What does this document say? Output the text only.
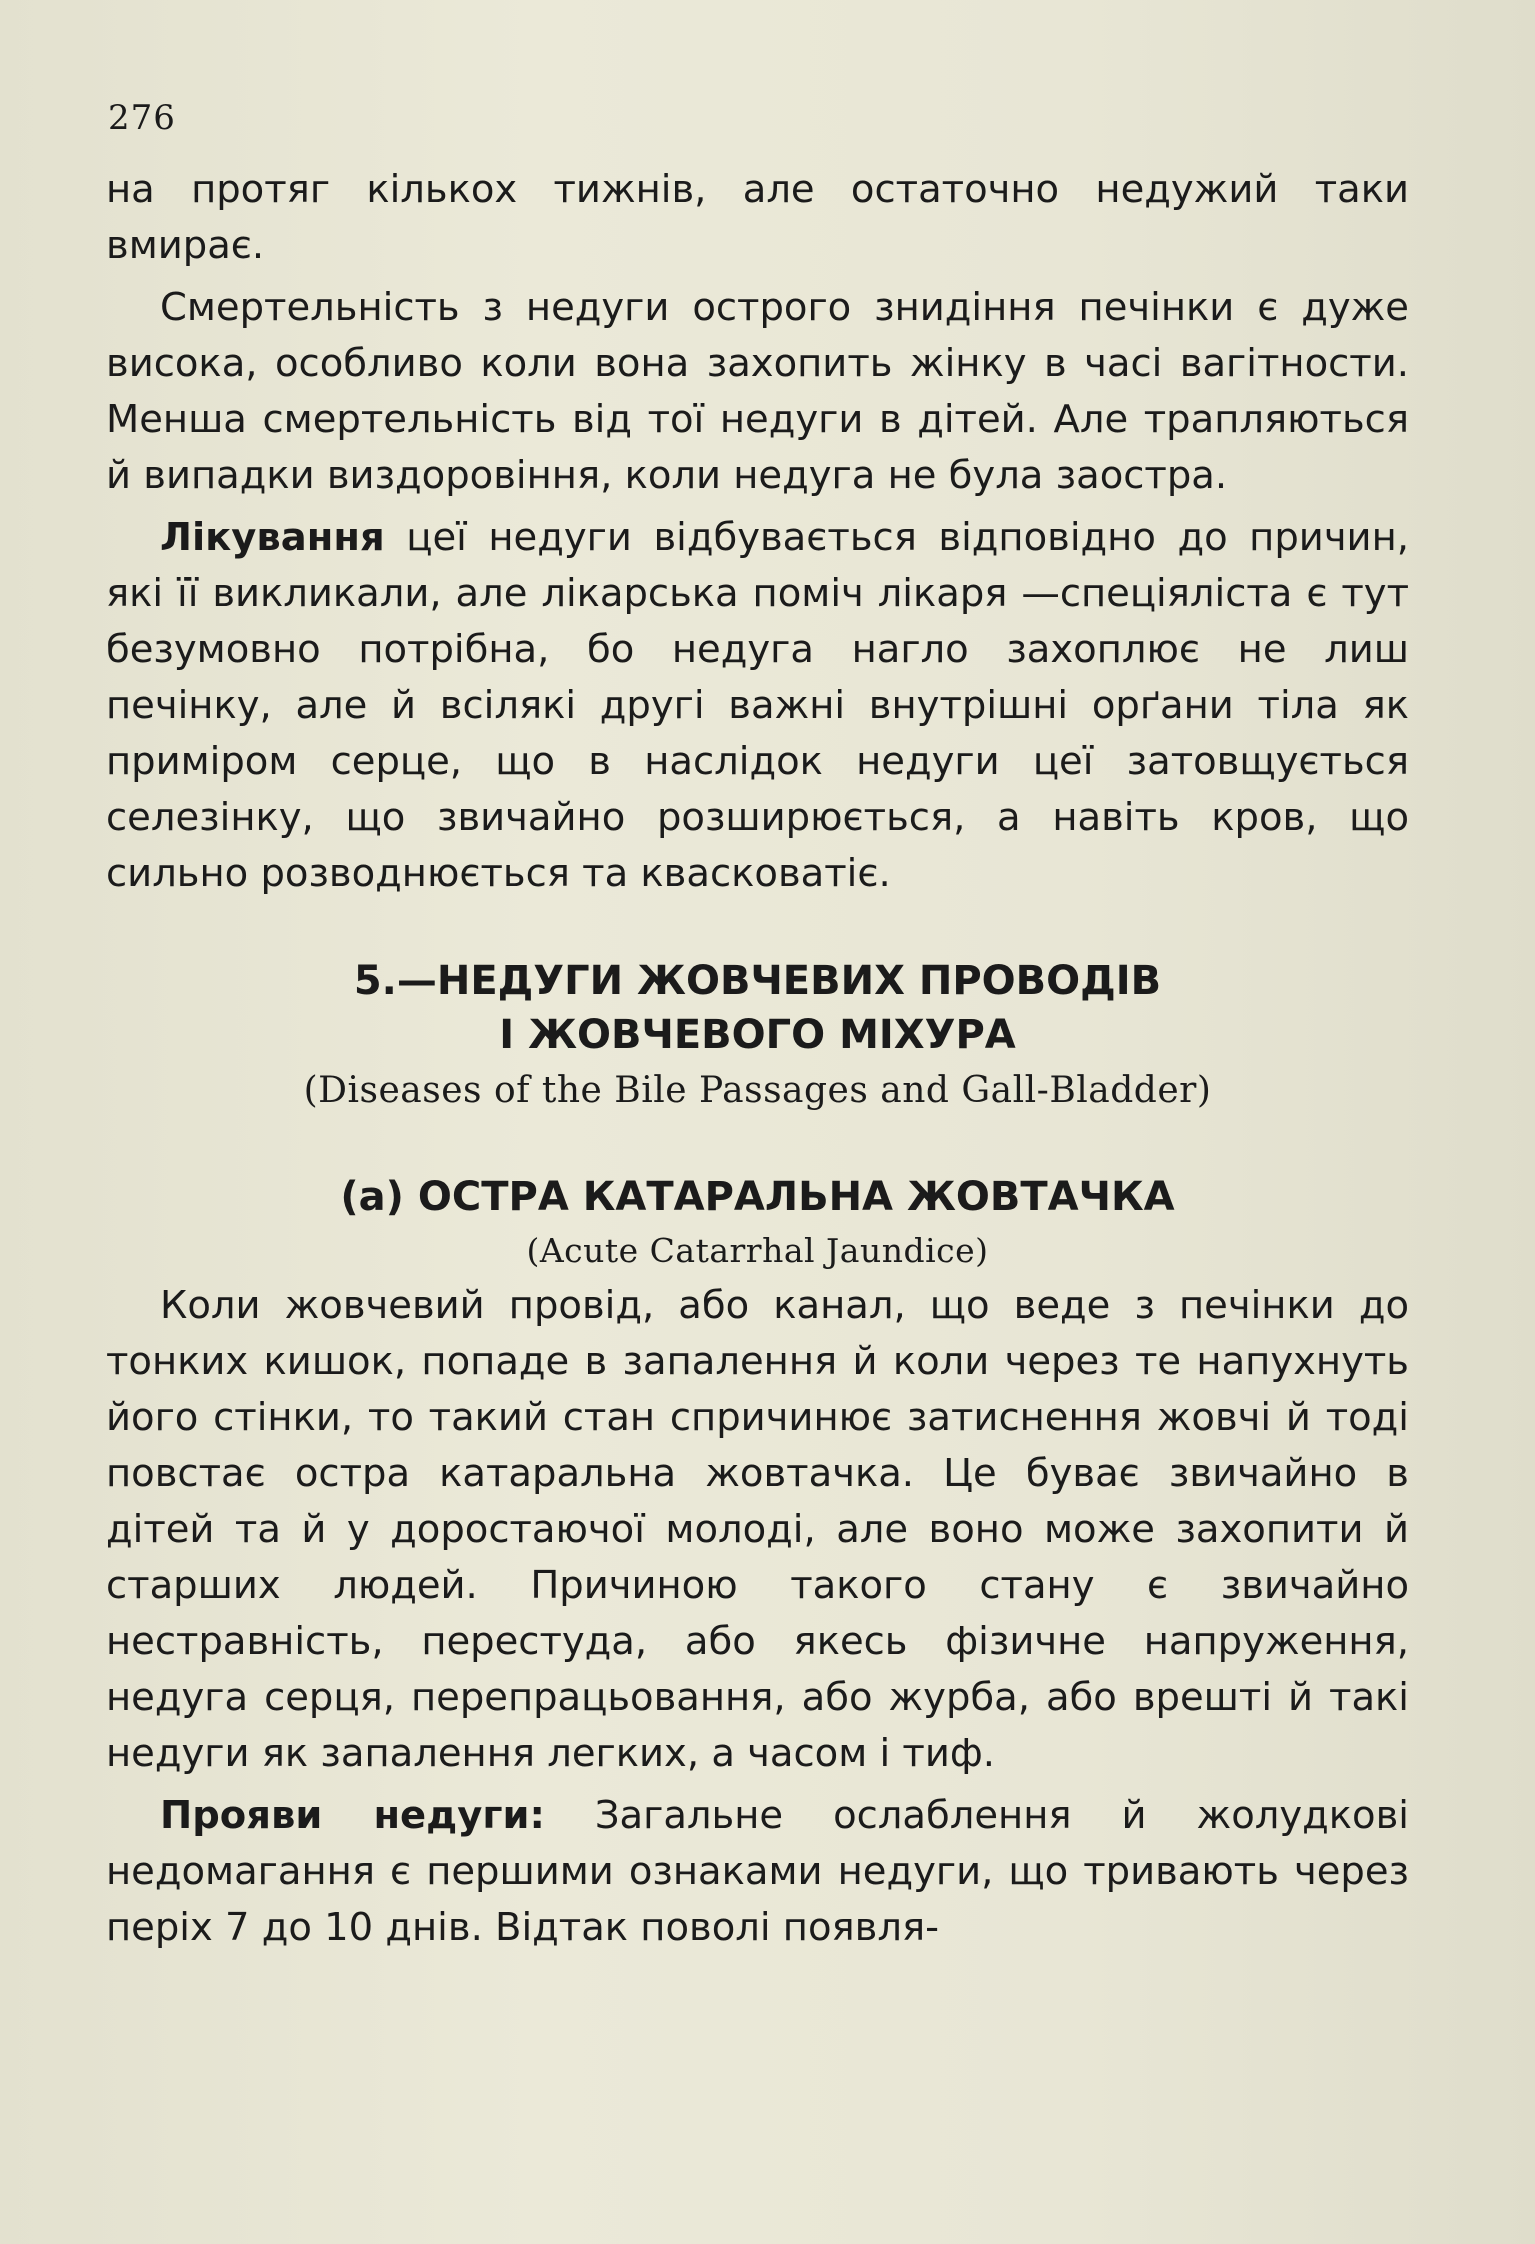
276

на протяг кількох тижнів, але остаточно недужий таки вмирає.

Смертельність з недуги острого знидіння печінки є дуже висока, особливо коли вона захопить жінку в часі вагітности. Менша смертельність від тої недуги в дітей. Але трапляються й випадки виздоровіння, коли недуга не була заостра.

Лікування цеї недуги відбувається відповідно до причин, які її викликали, але лікарська поміч лікаря —спеціяліста є тут безумовно потрібна, бо недуга нагло захоплює не лиш печінку, але й всілякі другі важні внутрішні орґани тіла як приміром серце, що в наслідок недуги цеї затовщується селезінку, що звичайно розширюється, а навіть кров, що сильно розводнюється та квасковатіє.

5.—НЕДУГИ ЖОВЧЕВИХ ПРОВОДІВ
І ЖОВЧЕВОГО МІХУРА
(Diseases of the Bile Passages and Gall-Bladder)
(а) ОСТРА КАТАРАЛЬНА ЖОВТАЧКА
(Acute Catarrhal Jaundice)

Коли жовчевий провід, або канал, що веде з печінки до тонких кишок, попаде в запалення й коли через те напухнуть його стінки, то такий стан спричинює затиснення жовчі й тоді повстає остра катаральна жовтачка. Це буває звичайно в дітей та й у доростаючої молоді, але воно може захопити й старших людей. Причиною такого стану є звичайно нестравність, перестуда, або якесь фізичне напруження, недуга серця, перепрацьовання, або журба, або врешті й такі недуги як запалення легких, а часом і тиф.

Прояви недуги: Загальне ослаблення й жолудкові недомагання є першими ознаками недуги, що тривають через періх 7 до 10 днів. Відтак поволі появля-
